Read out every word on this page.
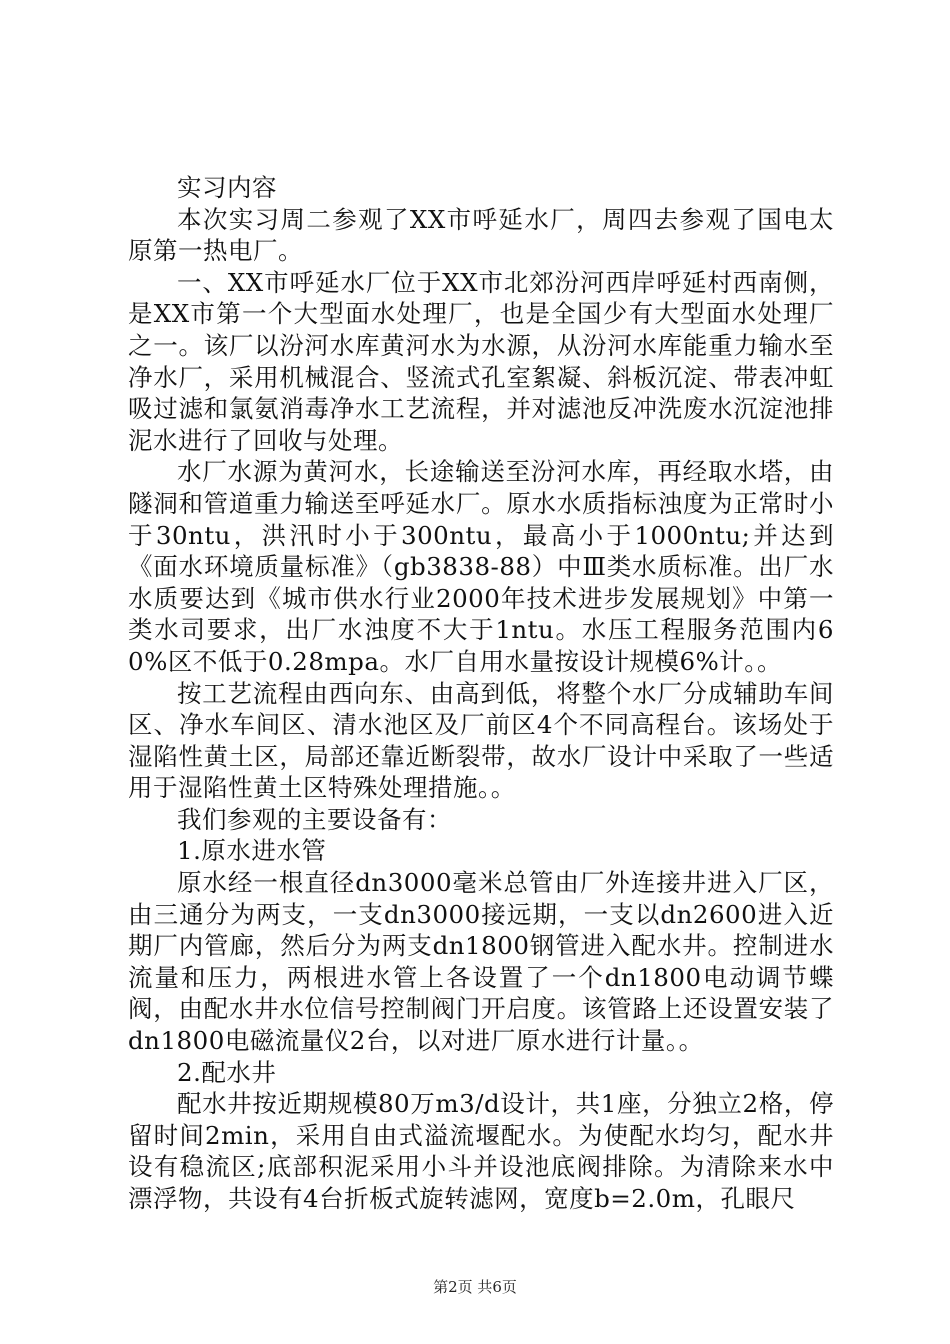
实习内容

本次实习周二参观了XX市呼延水厂，周四去参观了国电太原第一热电厂。

一、XX市呼延水厂位于XX市北郊汾河西岸呼延村西南侧，是XX市第一个大型面水处理厂，也是全国少有大型面水处理厂之一。该厂以汾河水库黄河水为水源，从汾河水库能重力输水至净水厂，采用机械混合、竖流式孔室絮凝、斜板沉淀、带表冲虹吸过滤和氯氨消毒净水工艺流程，并对滤池反冲洗废水沉淀池排泥水进行了回收与处理。

水厂水源为黄河水，长途输送至汾河水库，再经取水塔，由隧洞和管道重力输送至呼延水厂。原水水质指标浊度为正常时小于30ntu，洪汛时小于300ntu，最高小于1000ntu;并达到《面水环境质量标准》（gb3838-88）中Ⅲ类水质标准。出厂水水质要达到《城市供水行业2000年技术进步发展规划》中第一类水司要求，出厂水浊度不大于1ntu。水压工程服务范围内60%区不低于0.28mpa。水厂自用水量按设计规模6%计。。

按工艺流程由西向东、由高到低，将整个水厂分成辅助车间区、净水车间区、清水池区及厂前区4个不同高程台。该场处于湿陷性黄土区，局部还靠近断裂带，故水厂设计中采取了一些适用于湿陷性黄土区特殊处理措施。。

我们参观的主要设备有：

1.原水进水管

原水经一根直径dn3000毫米总管由厂外连接井进入厂区，由三通分为两支，一支dn3000接远期，一支以dn2600进入近期厂内管廊，然后分为两支dn1800钢管进入配水井。控制进水流量和压力，两根进水管上各设置了一个dn1800电动调节蝶阀，由配水井水位信号控制阀门开启度。该管路上还设置安装了dn1800电磁流量仪2台，以对进厂原水进行计量。。

2.配水井

配水井按近期规模80万m3/d设计，共1座，分独立2格，停留时间2min，采用自由式溢流堰配水。为使配水均匀，配水井设有稳流区;底部积泥采用小斗并设池底阀排除。为清除来水中漂浮物，共设有4台折板式旋转滤网，宽度b=2.0m，孔眼尺

第2页 共6页
